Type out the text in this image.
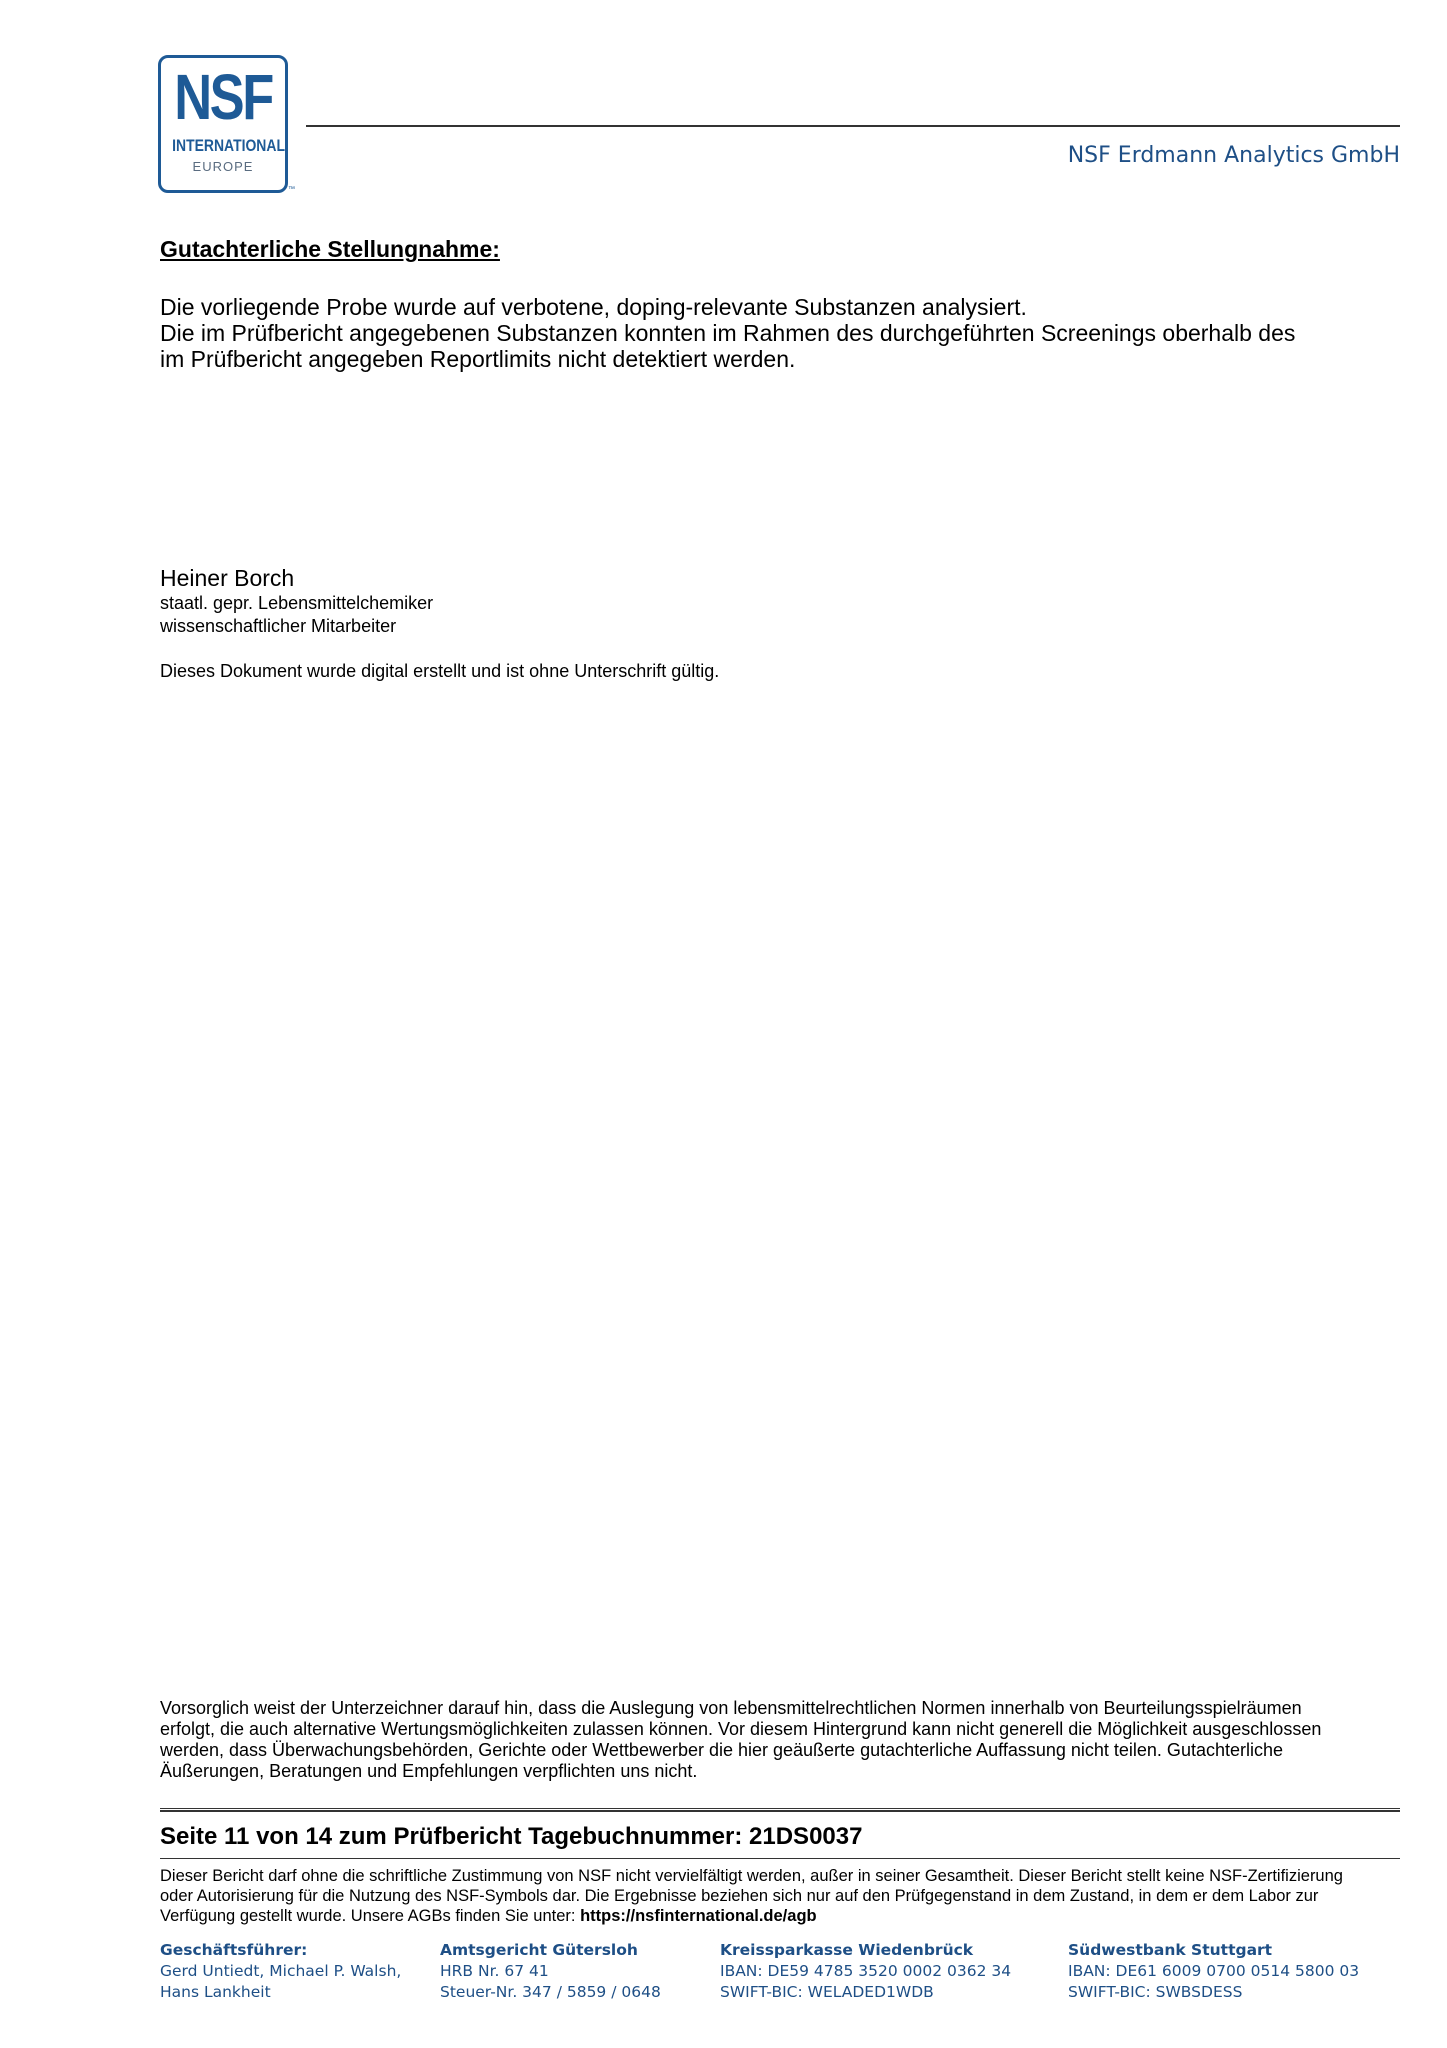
NSF
INTERNATIONAL
EUROPE
™
NSF Erdmann Analytics GmbH
Gutachterliche Stellungnahme:

Die vorliegende Probe wurde auf verbotene, doping-relevante Substanzen analysiert.

Die im Prüfbericht angegebenen Substanzen konnten im Rahmen des durchgeführten Screenings oberhalb des

im Prüfbericht angegeben Reportlimits nicht detektiert werden.

Heiner Borch
staatl. gepr. Lebensmittelchemiker
wissenschaftlicher Mitarbeiter
Dieses Dokument wurde digital erstellt und ist ohne Unterschrift gültig.
Vorsorglich weist der Unterzeichner darauf hin, dass die Auslegung von lebensmittelrechtlichen Normen innerhalb von Beurteilungsspielräumen
erfolgt, die auch alternative Wertungsmöglichkeiten zulassen können. Vor diesem Hintergrund kann nicht generell die Möglichkeit ausgeschlossen
werden, dass Überwachungsbehörden, Gerichte oder Wettbewerber die hier geäußerte gutachterliche Auffassung nicht teilen. Gutachterliche
Äußerungen, Beratungen und Empfehlungen verpflichten uns nicht.
Seite 11 von 14 zum Prüfbericht Tagebuchnummer: 21DS0037
Dieser Bericht darf ohne die schriftliche Zustimmung von NSF nicht vervielfältigt werden, außer in seiner Gesamtheit. Dieser Bericht stellt keine NSF-Zertifizierung
oder Autorisierung für die Nutzung des NSF-Symbols dar. Die Ergebnisse beziehen sich nur auf den Prüfgegenstand in dem Zustand, in dem er dem Labor zur
Verfügung gestellt wurde. Unsere AGBs finden Sie unter: https://nsfinternational.de/agb
Geschäftsführer:
Gerd Untiedt, Michael P. Walsh,
Hans Lankheit
Amtsgericht Gütersloh
HRB Nr. 67 41
Steuer-Nr. 347 / 5859 / 0648
Kreissparkasse Wiedenbrück
IBAN: DE59 4785 3520 0002 0362 34
SWIFT-BIC: WELADED1WDB
Südwestbank Stuttgart
IBAN: DE61 6009 0700 0514 5800 03
SWIFT-BIC: SWBSDESS
